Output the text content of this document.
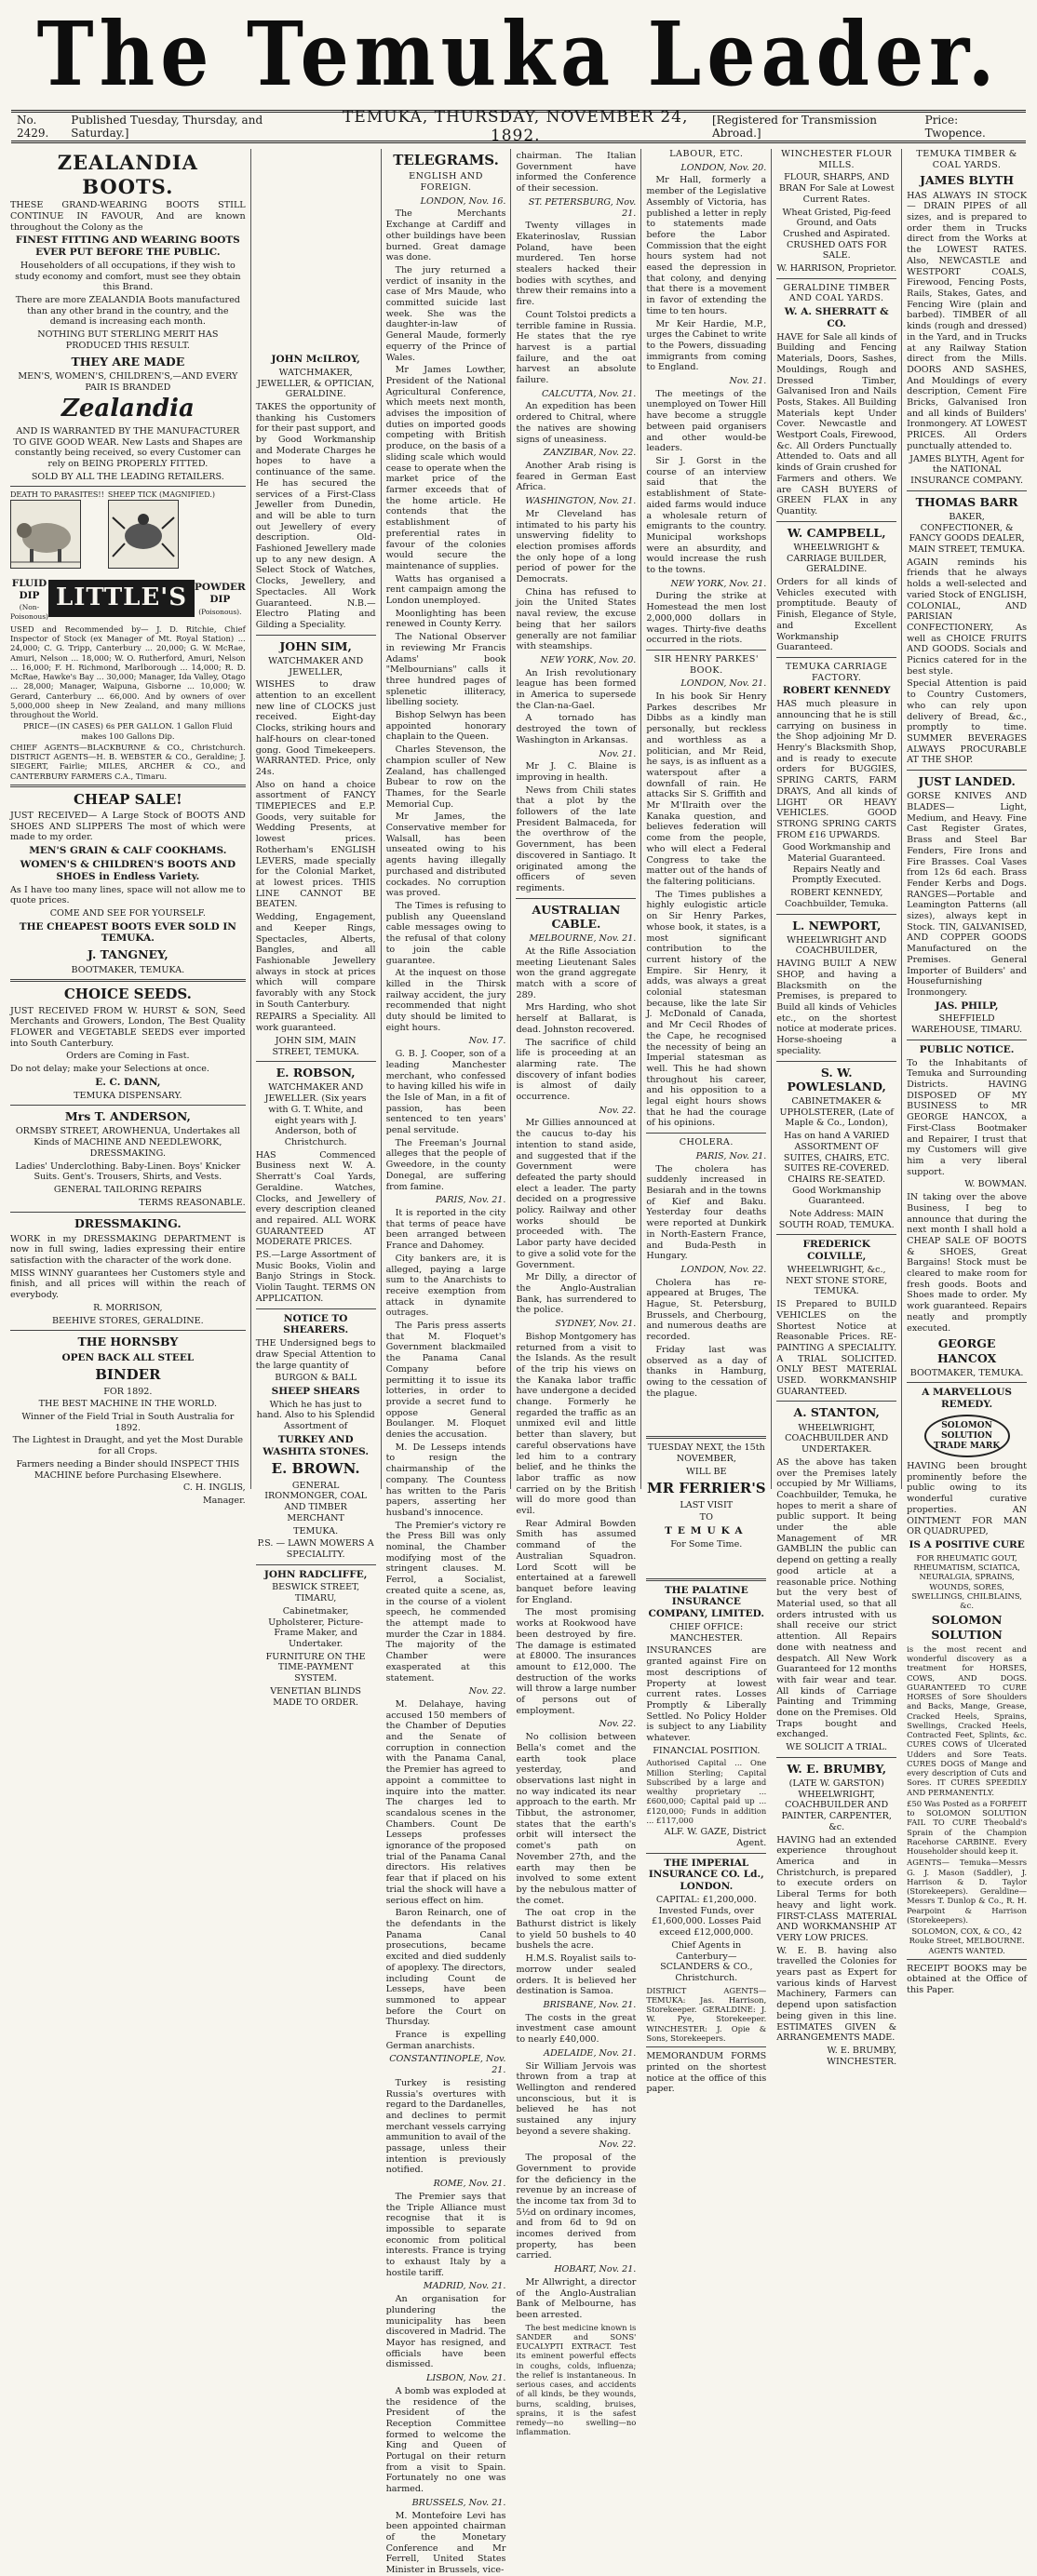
The Temuka Leader.
No. 2429.
Published Tuesday, Thursday, and Saturday.]
TEMUKA, THURSDAY, NOVEMBER 24, 1892.
[Registered for Transmission Abroad.]
Price: Twopence.
ZEALANDIA BOOTS.

THESE GRAND-WEARING BOOTS STILL CONTINUE IN FAVOUR, And are known throughout the Colony as the

FINEST FITTING AND WEARING BOOTS EVER PUT BEFORE THE PUBLIC.

Householders of all occupations, if they wish to study economy and comfort, must see they obtain this Brand.

There are more ZEALANDIA Boots manufactured than any other brand in the country, and the demand is increasing each month.

NOTHING BUT STERLING MERIT HAS PRODUCED THIS RESULT.

THEY ARE MADE

MEN'S, WOMEN'S, CHILDREN'S,—AND EVERY PAIR IS BRANDED

Zealandia

AND IS WARRANTED BY THE MANUFACTURER TO GIVE GOOD WEAR. New Lasts and Shapes are constantly being received, so every Customer can rely on BEING PROPERLY FITTED.

SOLD BY ALL THE LEADING RETAILERS.

DEATH TO PARASITES!! SHEEP TICK (MAGNIFIED.)
FLUID DIP
(Non-Poisonous)
LITTLE'S POWDER DIP
(Poisonous).

USED and Recommended by— J. D. Ritchie, Chief Inspector of Stock (ex Manager of Mt. Royal Station) ... 24,000; C. G. Tripp, Canterbury ... 20,000; G. W. McRae, Amuri, Nelson ... 18,000; W. O. Rutherford, Amuri, Nelson ... 16,000; F. H. Richmond, Marlborough ... 14,000; R. D. McRae, Hawke's Bay ... 30,000; Manager, Ida Valley, Otago ... 28,000; Manager, Waipuna, Gisborne ... 10,000; W. Gerard, Canterbury ... 66,000. And by owners of over 5,000,000 sheep in New Zealand, and many millions throughout the World.

PRICE—(IN CASES) 6s PER GALLON. 1 Gallon Fluid makes 100 Gallons Dip.

CHIEF AGENTS—BLACKBURNE & CO., Christchurch. DISTRICT AGENTS—H. B. WEBSTER & CO., Geraldine; J. SIEGERT, Fairlie; MILES, ARCHER & CO., and CANTERBURY FARMERS C.A., Timaru.

CHEAP SALE!

JUST RECEIVED— A Large Stock of BOOTS AND SHOES AND SLIPPERS The most of which were made to my order.

MEN'S GRAIN & CALF COOKHAMS.
WOMEN'S & CHILDREN'S BOOTS AND SHOES in Endless Variety.

As I have too many lines, space will not allow me to quote prices.

COME AND SEE FOR YOURSELF.

THE CHEAPEST BOOTS EVER SOLD IN TEMUKA.
J. TANGNEY,

BOOTMAKER, TEMUKA.

CHOICE SEEDS.

JUST RECEIVED FROM W. HURST & SON, Seed Merchants and Growers, London, The Best Quality FLOWER and VEGETABLE SEEDS ever imported into South Canterbury.

Orders are Coming in Fast.

Do not delay; make your Selections at once.

E. C. DANN,

TEMUKA DISPENSARY.

Mrs T. ANDERSON,

ORMSBY STREET, AROWHENUA, Undertakes all Kinds of MACHINE AND NEEDLEWORK, DRESSMAKING.

Ladies' Underclothing. Baby-Linen. Boys' Knicker Suits. Gent's. Trousers, Shirts, and Vests.

GENERAL TAILORING REPAIRS

TERMS REASONABLE.

DRESSMAKING.

WORK in my DRESSMAKING DEPARTMENT is now in full swing, ladies expressing their entire satisfaction with the character of the work done.

MISS WINNY guarantees her Customers style and finish, and all prices will within the reach of everybody.

R. MORRISON,

BEEHIVE STORES, GERALDINE.

THE HORNSBY
OPEN BACK ALL STEEL
BINDER

FOR 1892.

THE BEST MACHINE IN THE WORLD.

Winner of the Field Trial in South Australia for 1892.

The Lightest in Draught, and yet the Most Durable for all Crops.

Farmers needing a Binder should INSPECT THIS MACHINE before Purchasing Elsewhere.

C. H. INGLIS,

Manager.

JOHN McILROY,

WATCHMAKER, JEWELLER, & OPTICIAN, GERALDINE.

TAKES the opportunity of thanking his Customers for their past support, and by Good Workmanship and Moderate Charges he hopes to have a continuance of the same. He has secured the services of a First-Class Jeweller from Dunedin, and will be able to turn out Jewellery of every description. Old-Fashioned Jewellery made up to any new design. A Select Stock of Watches, Clocks, Jewellery, and Spectacles. All Work Guaranteed. N.B.—Electro Plating and Gilding a Speciality.

JOHN SIM,

WATCHMAKER AND JEWELLER,

WISHES to draw attention to an excellent new line of CLOCKS just received. Eight-day Clocks, striking hours and half-hours on clear-toned gong. Good Timekeepers. WARRANTED. Price, only 24s.

Also on hand a choice assortment of FANCY TIMEPIECES and E.P. Goods, very suitable for Wedding Presents, at lowest prices. Rotherham's ENGLISH LEVERS, made specially for the Colonial Market, at lowest prices. THIS LINE CANNOT BE BEATEN.

Wedding, Engagement, and Keeper Rings, Spectacles, Alberts, Bangles, and all Fashionable Jewellery always in stock at prices which will compare favorably with any Stock in South Canterbury.

REPAIRS a Speciality. All work guaranteed.

JOHN SIM, MAIN STREET, TEMUKA.

E. ROBSON,

WATCHMAKER AND JEWELLER. (Six years with G. T. White, and eight years with J. Anderson, both of Christchurch.

HAS Commenced Business next W. A. Sherratt's Coal Yards, Geraldine. Watches, Clocks, and Jewellery of every description cleaned and repaired. ALL WORK GUARANTEED AT MODERATE PRICES.

P.S.—Large Assortment of Music Books, Violin and Banjo Strings in Stock. Violin Taught. TERMS ON APPLICATION.

NOTICE TO SHEARERS.

THE Undersigned begs to draw Special Attention to the large quantity of

BURGON & BALL

SHEEP SHEARS

Which he has just to hand. Also to his Splendid Assortment of

TURKEY AND WASHITA STONES.
E. BROWN.

GENERAL IRONMONGER, COAL AND TIMBER MERCHANT

TEMUKA.

P.S. — LAWN MOWERS A SPECIALITY.

JOHN RADCLIFFE,

BESWICK STREET, TIMARU,

Cabinetmaker, Upholsterer, Picture-Frame Maker, and Undertaker.

FURNITURE ON THE TIME-PAYMENT SYSTEM.

VENETIAN BLINDS MADE TO ORDER.

TELEGRAMS.
ENGLISH AND FOREIGN.
LONDON, Nov. 16.

The Merchants Exchange at Cardiff and other buildings have been burned. Great damage was done.

The jury returned a verdict of insanity in the case of Mrs Maude, who committed suicide last week. She was the daughter-in-law of General Maude, formerly equerry of the Prince of Wales.

Mr James Lowther, President of the National Agricultural Conference, which meets next month, advises the imposition of duties on imported goods competing with British produce, on the basis of a sliding scale which would cease to operate when the market price of the farmer exceeds that of the home article. He contends that the establishment of preferential rates in favour of the colonies would secure the maintenance of supplies.

Watts has organised a rent campaign among the London unemployed.

Moonlighting has been renewed in County Kerry.

The National Observer in reviewing Mr Francis Adams' book "Melbournians" calls it three hundred pages of splenetic illiteracy, libelling society.

Bishop Selwyn has been appointed honorary chaplain to the Queen.

Charles Stevenson, the champion sculler of New Zealand, has challenged Bubear to row on the Thames, for the Searle Memorial Cup.

Mr James, the Conservative member for Walsall, has been unseated owing to his agents having illegally purchased and distributed cockades. No corruption was proved.

The Times is refusing to publish any Queensland cable messages owing to the refusal of that colony to join the cable guarantee.

At the inquest on those killed in the Thirsk railway accident, the jury recommended that night duty should be limited to eight hours.

Nov. 17.

G. B. J. Cooper, son of a leading Manchester merchant, who confessed to having killed his wife in the Isle of Man, in a fit of passion, has been sentenced to ten years' penal servitude.

The Freeman's Journal alleges that the people of Gweedore, in the county Donegal, are suffering from famine.

PARIS, Nov. 21.

It is reported in the city that terms of peace have been arranged between France and Dahomey.

City bankers are, it is alleged, paying a large sum to the Anarchists to receive exemption from attack in dynamite outrages.

The Paris press asserts that M. Floquet's Government blackmailed the Panama Canal Company before permitting it to issue its lotteries, in order to provide a secret fund to oppose General Boulanger. M. Floquet denies the accusation.

M. De Lesseps intends to resign the chairmanship of the company. The Countess has written to the Paris papers, asserting her husband's innocence.

The Premier's victory re the Press Bill was only nominal, the Chamber modifying most of the stringent clauses. M. Ferrol, a Socialist, created quite a scene, as, in the course of a violent speech, he commended the attempt made to murder the Czar in 1884. The majority of the Chamber were exasperated at this statement.

Nov. 22.

M. Delahaye, having accused 150 members of the Chamber of Deputies and the Senate of corruption in connection with the Panama Canal, the Premier has agreed to appoint a committee to inquire into the matter. The charges led to scandalous scenes in the Chambers. Count De Lesseps professes ignorance of the proposed trial of the Panama Canal directors. His relatives fear that if placed on his trial the shock will have a serious effect on him.

Baron Reinarch, one of the defendants in the Panama Canal prosecutions, became excited and died suddenly of apoplexy. The directors, including Count de Lesseps, have been summoned to appear before the Court on Thursday.

France is expelling German anarchists.

CONSTANTINOPLE, Nov. 21.

Turkey is resisting Russia's overtures with regard to the Dardanelles, and declines to permit merchant vessels carrying ammunition to avail of the passage, unless their intention is previously notified.

ROME, Nov. 21.

The Premier says that the Triple Alliance must recognise that it is impossible to separate economic from political interests. France is trying to exhaust Italy by a hostile tariff.

MADRID, Nov. 21.

An organisation for plundering the municipality has been discovered in Madrid. The Mayor has resigned, and officials have been dismissed.

LISBON, Nov. 21.

A bomb was exploded at the residence of the President of the Reception Committee formed to welcome the King and Queen of Portugal on their return from a visit to Spain. Fortunately no one was harmed.

BRUSSELS, Nov. 21.

M. Montefoire Levi has been appointed chairman of the Monetary Conference and Mr Ferrell, United States Minister in Brussels, vice-

chairman. The Italian Government have informed the Conference of their secession.

ST. PETERSBURG, Nov. 21.

Twenty villages in Ekaterinoslav, Russian Poland, have been murdered. Ten horse stealers hacked their bodies with scythes, and threw their remains into a fire.

Count Tolstoi predicts a terrible famine in Russia. He states that the rye harvest is a partial failure, and the oat harvest an absolute failure.

CALCUTTA, Nov. 21.

An expedition has been ordered to Chitral, where the natives are showing signs of uneasiness.

ZANZIBAR, Nov. 22.

Another Arab rising is feared in German East Africa.

WASHINGTON, Nov. 21.

Mr Cleveland has intimated to his party his unswerving fidelity to election promises affords the only hope of a long period of power for the Democrats.

China has refused to join the United States naval review, the excuse being that her sailors generally are not familiar with steamships.

NEW YORK, Nov. 20.

An Irish revolutionary league has been formed in America to supersede the Clan-na-Gael.

A tornado has destroyed the town of Washington in Arkansas.

Nov. 21.

Mr J. C. Blaine is improving in health.

News from Chili states that a plot by the followers of the late President Balmaceda, for the overthrow of the Government, has been discovered in Santiago. It originated among the officers of seven regiments.

AUSTRALIAN CABLE.
MELBOURNE, Nov. 21.

At the Rifle Association meeting Lieutenant Sales won the grand aggregate match with a score of 289.

Mrs Harding, who shot herself at Ballarat, is dead. Johnston recovered.

The sacrifice of child life is proceeding at an alarming rate. The discovery of infant bodies is almost of daily occurrence.

Nov. 22.

Mr Gillies announced at the caucus to-day his intention to stand aside, and suggested that if the Government were defeated the party should elect a leader. The party decided on a progressive policy. Railway and other works should be proceeded with. The Labor party have decided to give a solid vote for the Government.

Mr Dilly, a director of the Anglo-Australian Bank, has surrendered to the police.

SYDNEY, Nov. 21.

Bishop Montgomery has returned from a visit to the Islands. As the result of the trip his views on the Kanaka labor traffic have undergone a decided change. Formerly he regarded the traffic as an unmixed evil and little better than slavery, but careful observations have led him to a contrary belief, and he thinks the labor traffic as now carried on by the British will do more good than evil.

Rear Admiral Bowden Smith has assumed command of the Australian Squadron. Lord Scott will be entertained at a farewell banquet before leaving for England.

The most promising works at Rookwood have been destroyed by fire. The damage is estimated at £8000. The insurances amount to £12,000. The destruction of the works will throw a large number of persons out of employment.

Nov. 22.

No collision between Bella's comet and the earth took place yesterday, and observations last night in no way indicated its near approach to the earth. Mr Tibbut, the astronomer, states that the earth's orbit will intersect the comet's path on November 27th, and the earth may then be involved to some extent by the nebulous matter of the comet.

The oat crop in the Bathurst district is likely to yield 50 bushels to 40 bushels the acre.

H.M.S. Royalist sails to-morrow under sealed orders. It is believed her destination is Samoa.

BRISBANE, Nov. 21.

The costs in the great investment case amount to nearly £40,000.

ADELAIDE, Nov. 21.

Sir William Jervois was thrown from a trap at Wellington and rendered unconscious, but it is believed he has not sustained any injury beyond a severe shaking.

Nov. 22.

The proposal of the Government to provide for the deficiency in the revenue by an increase of the income tax from 3d to 5½d on ordinary incomes, and from 6d to 9d on incomes derived from property, has been carried.

HOBART, Nov. 21.

Mr Allwright, a director of the Anglo-Australian Bank of Melbourne, has been arrested.

The best medicine known is SANDER and SONS' EUCALYPTI EXTRACT. Test its eminent powerful effects in coughs, colds, influenza; the relief is instantaneous. In serious cases, and accidents of all kinds, be they wounds, burns, scalding, bruises, sprains, it is the safest remedy—no swelling—no inflammation.

LABOUR, ETC.
LONDON, Nov. 20.

Mr Hall, formerly a member of the Legislative Assembly of Victoria, has published a letter in reply to statements made before the Labor Commission that the eight hours system had not eased the depression in that colony, and denying that there is a movement in favor of extending the time to ten hours.

Mr Keir Hardie, M.P., urges the Cabinet to write to the Powers, dissuading immigrants from coming to England.

Nov. 21.

The meetings of the unemployed on Tower Hill have become a struggle between paid organisers and other would-be leaders.

Sir J. Gorst in the course of an interview said that the establishment of State-aided farms would induce a wholesale return of emigrants to the country. Municipal workshops were an absurdity, and would increase the rush to the towns.

NEW YORK, Nov. 21.

During the strike at Homestead the men lost 2,000,000 dollars in wages. Thirty-five deaths occurred in the riots.

SIR HENRY PARKES' BOOK.
LONDON, Nov. 21.

In his book Sir Henry Parkes describes Mr Dibbs as a kindly man personally, but reckless and worthless as a politician, and Mr Reid, he says, is as influent as a waterspout after a downfall of rain. He attacks Sir S. Griffith and Mr M'Ilraith over the Kanaka question, and believes federation will come from the people, who will elect a Federal Congress to take the matter out of the hands of the faltering politicians.

The Times publishes a highly eulogistic article on Sir Henry Parkes, whose book, it states, is a most significant contribution to the current history of the Empire. Sir Henry, it adds, was always a great colonial statesman because, like the late Sir J. McDonald of Canada, and Mr Cecil Rhodes of the Cape, he recognised the necessity of being an Imperial statesman as well. This he had shown throughout his career, and his opposition to a legal eight hours shows that he had the courage of his opinions.

CHOLERA.
PARIS, Nov. 21.

The cholera has suddenly increased in Besiarah and in the towns of Kief and Baku. Yesterday four deaths were reported at Dunkirk in North-Eastern France, and Buda-Pesth in Hungary.

LONDON, Nov. 22.

Cholera has re-appeared at Bruges, The Hague, St. Petersburg, Brussels, and Cherbourg, and numerous deaths are recorded.

Friday last was observed as a day of thanks in Hamburg, owing to the cessation of the plague.

TUESDAY NEXT, the 15th NOVEMBER,

WILL BE

MR FERRIER'S

LAST VISIT

TO

TEMUKA

For Some Time.

THE PALATINE INSURANCE COMPANY, LIMITED.

CHIEF OFFICE: MANCHESTER.

INSURANCES are granted against Fire on most descriptions of Property at lowest current rates. Losses Promptly & Liberally Settled. No Policy Holder is subject to any Liability whatever.

FINANCIAL POSITION.

Authorised Capital ... One Million Sterling; Capital Subscribed by a large and wealthy proprietary ... £600,000; Capital paid up ... £120,000; Funds in addition ... £117,000

ALF. W. GAZE, District Agent.

THE IMPERIAL INSURANCE CO. Ld., LONDON.

CAPITAL: £1,200,000. Invested Funds, over £1,600,000. Losses Paid exceed £12,000,000.

Chief Agents in Canterbury— SCLANDERS & CO., Christchurch.

DISTRICT AGENTS— TEMUKA: Jas. Harrison, Storekeeper. GERALDINE: J. W. Pye, Storekeeper. WINCHESTER: J. Opie & Sons, Storekeepers.

MEMORANDUM FORMS printed on the shortest notice at the office of this paper.

WINCHESTER FLOUR MILLS.

FLOUR, SHARPS, AND BRAN For Sale at Lowest Current Rates.

Wheat Gristed, Pig-feed Ground, and Oats Crushed and Aspirated. CRUSHED OATS FOR SALE.

W. HARRISON, Proprietor.

GERALDINE TIMBER AND COAL YARDS.
W. A. SHERRATT & CO.

HAVE for Sale all kinds of Building and Fencing Materials, Doors, Sashes, Mouldings, Rough and Dressed Timber, Galvanised Iron and Nails Posts, Stakes. All Building Materials kept Under Cover. Newcastle and Westport Coals, Firewood, &c. All Orders Punctually Attended to. Oats and all kinds of Grain crushed for Farmers and others. We are CASH BUYERS of GREEN FLAX in any Quantity.

W. CAMPBELL,

WHEELWRIGHT & CARRIAGE BUILDER, GERALDINE.

Orders for all kinds of Vehicles executed with promptitude. Beauty of Finish, Elegance of Style, and Excellent Workmanship Guaranteed.

TEMUKA CARRIAGE FACTORY.
ROBERT KENNEDY

HAS much pleasure in announcing that he is still carrying on business in the Shop adjoining Mr D. Henry's Blacksmith Shop, and is ready to execute orders for BUGGIES, SPRING CARTS, FARM DRAYS, And all kinds of LIGHT OR HEAVY VEHICLES. GOOD STRONG SPRING CARTS FROM £16 UPWARDS.

Good Workmanship and Material Guaranteed. Repairs Neatly and Promptly Executed.

ROBERT KENNEDY, Coachbuilder, Temuka.

L. NEWPORT,

WHEELWRIGHT AND COACHBUILDER,

HAVING BUILT A NEW SHOP, and having a Blacksmith on the Premises, is prepared to Build all kinds of Vehicles etc., on the shortest notice at moderate prices. Horse-shoeing a speciality.

S. W. POWLESLAND,

CABINETMAKER & UPHOLSTERER, (Late of Maple & Co., London),

Has on hand A VARIED ASSORTMENT OF SUITES, CHAIRS, ETC. SUITES RE-COVERED. CHAIRS RE-SEATED. Good Workmanship Guaranteed.

Note Address: MAIN SOUTH ROAD, TEMUKA.

FREDERICK COLVILLE,

WHEELWRIGHT, &c., NEXT STONE STORE, TEMUKA.

IS Prepared to BUILD VEHICLES on the Shortest Notice at Reasonable Prices. RE-PAINTING A SPECIALITY. A TRIAL SOLICITED. ONLY BEST MATERIAL USED. WORKMANSHIP GUARANTEED.

A. STANTON,

WHEELWRIGHT, COACHBUILDER AND UNDERTAKER.

AS the above has taken over the Premises lately occupied by Mr Williams, Coachbuilder, Temuka, he hopes to merit a share of public support. It being under the able Management of MR GAMBLIN the public can depend on getting a really good article at a reasonable price. Nothing but the very best of Material used, so that all orders intrusted with us shall receive our strict attention. All Repairs done with neatness and despatch. All New Work Guaranteed for 12 months with fair wear and tear. All kinds of Carriage Painting and Trimming done on the Premises. Old Traps bought and exchanged.

WE SOLICIT A TRIAL.

W. E. BRUMBY,

(LATE W. GARSTON) WHEELWRIGHT, COACHBUILDER AND PAINTER, CARPENTER, &c.

HAVING had an extended experience throughout America and in Christchurch, is prepared to execute orders on Liberal Terms for both heavy and light work. FIRST-CLASS MATERIAL AND WORKMANSHIP AT VERY LOW PRICES.

W. E. B. having also travelled the Colonies for years past as Expert for various kinds of Harvest Machinery, Farmers can depend upon satisfaction being given in this line. ESTIMATES GIVEN & ARRANGEMENTS MADE.

W. E. BRUMBY, WINCHESTER.

TEMUKA TIMBER & COAL YARDS.
JAMES BLYTH

HAS ALWAYS IN STOCK— DRAIN PIPES of all sizes, and is prepared to order them in Trucks direct from the Works at the LOWEST RATES. Also, NEWCASTLE and WESTPORT COALS, Firewood, Fencing Posts, Rails, Stakes, Gates, and Fencing Wire (plain and barbed). TIMBER of all kinds (rough and dressed) in the Yard, and in Trucks at any Railway Station direct from the Mills. DOORS AND SASHES, And Mouldings of every description, Cement Fire Bricks, Galvanised Iron and all kinds of Builders' Ironmongery. AT LOWEST PRICES. All Orders punctually attended to.

JAMES BLYTH, Agent for the NATIONAL INSURANCE COMPANY.

THOMAS BARR

BAKER, CONFECTIONER, & FANCY GOODS DEALER, MAIN STREET, TEMUKA.

AGAIN reminds his friends that he always holds a well-selected and varied Stock of ENGLISH, COLONIAL, AND PARISIAN CONFECTIONERY, As well as CHOICE FRUITS AND GOODS. Socials and Picnics catered for in the best style.

Special Attention is paid to Country Customers, who can rely upon delivery of Bread, &c., promptly to time. SUMMER BEVERAGES ALWAYS PROCURABLE AT THE SHOP.

JUST LANDED.

GORSE KNIVES AND BLADES— Light, Medium, and Heavy. Fine Cast Register Grates, Brass and Steel Bar Fenders, Fire Irons and Fire Brasses. Coal Vases from 12s 6d each. Brass Fender Kerbs and Dogs. RANGES—Portable and Leamington Patterns (all sizes), always kept in Stock. TIN, GALVANISED, AND COPPER GOODS Manufactured on the Premises. General Importer of Builders' and Housefurnishing Ironmongery.

JAS. PHILP,

SHEFFIELD WAREHOUSE, TIMARU.

PUBLIC NOTICE.

To the Inhabitants of Temuka and Surrounding Districts. HAVING DISPOSED OF MY BUSINESS to MR GEORGE HANCOX, a First-Class Bootmaker and Repairer, I trust that my Customers will give him a very liberal support.

W. BOWMAN.

IN taking over the above Business, I beg to announce that during the next month I shall hold a CHEAP SALE OF BOOTS & SHOES, Great Bargains! Stock must be cleared to make room for fresh goods. Boots and Shoes made to order. My work guaranteed. Repairs neatly and promptly executed.

GEORGE HANCOX

BOOTMAKER, TEMUKA.

A MARVELLOUS REMEDY.
SOLOMON SOLUTION TRADE MARK

HAVING been brought prominently before the public owing to its wonderful curative properties. AN OINTMENT FOR MAN OR QUADRUPED,

IS A POSITIVE CURE

FOR RHEUMATIC GOUT, RHEUMATISM, SCIATICA, NEURALGIA, SPRAINS, WOUNDS, SORES, SWELLINGS, CHILBLAINS, &c.

SOLOMON SOLUTION

is the most recent and wonderful discovery as a treatment for HORSES, COWS, AND DOGS. GUARANTEED TO CURE HORSES of Sore Shoulders and Backs, Mange, Grease, Cracked Heels, Sprains, Swellings, Cracked Heels, Contracted Feet, Splints, &c. CURES COWS of Ulcerated Udders and Sore Teats. CURES DOGS of Mange and every description of Cuts and Sores. IT CURES SPEEDILY AND PERMANENTLY.

£50 Was Posted as a FORFEIT to SOLOMON SOLUTION FAIL TO CURE Theobald's Sprain of the Champion Racehorse CARBINE. Every Householder should keep it.

AGENTS— Temuka—Messrs G. J. Mason (Saddler), J. Harrison & D. Taylor (Storekeepers). Geraldine—Messrs T. Dunlop & Co., R. H. Pearpoint & Harrison (Storekeepers).

SOLOMON, COX, & CO., 42 Rouke Street, MELBOURNE. AGENTS WANTED.

RECEIPT BOOKS may be obtained at the Office of this Paper.
